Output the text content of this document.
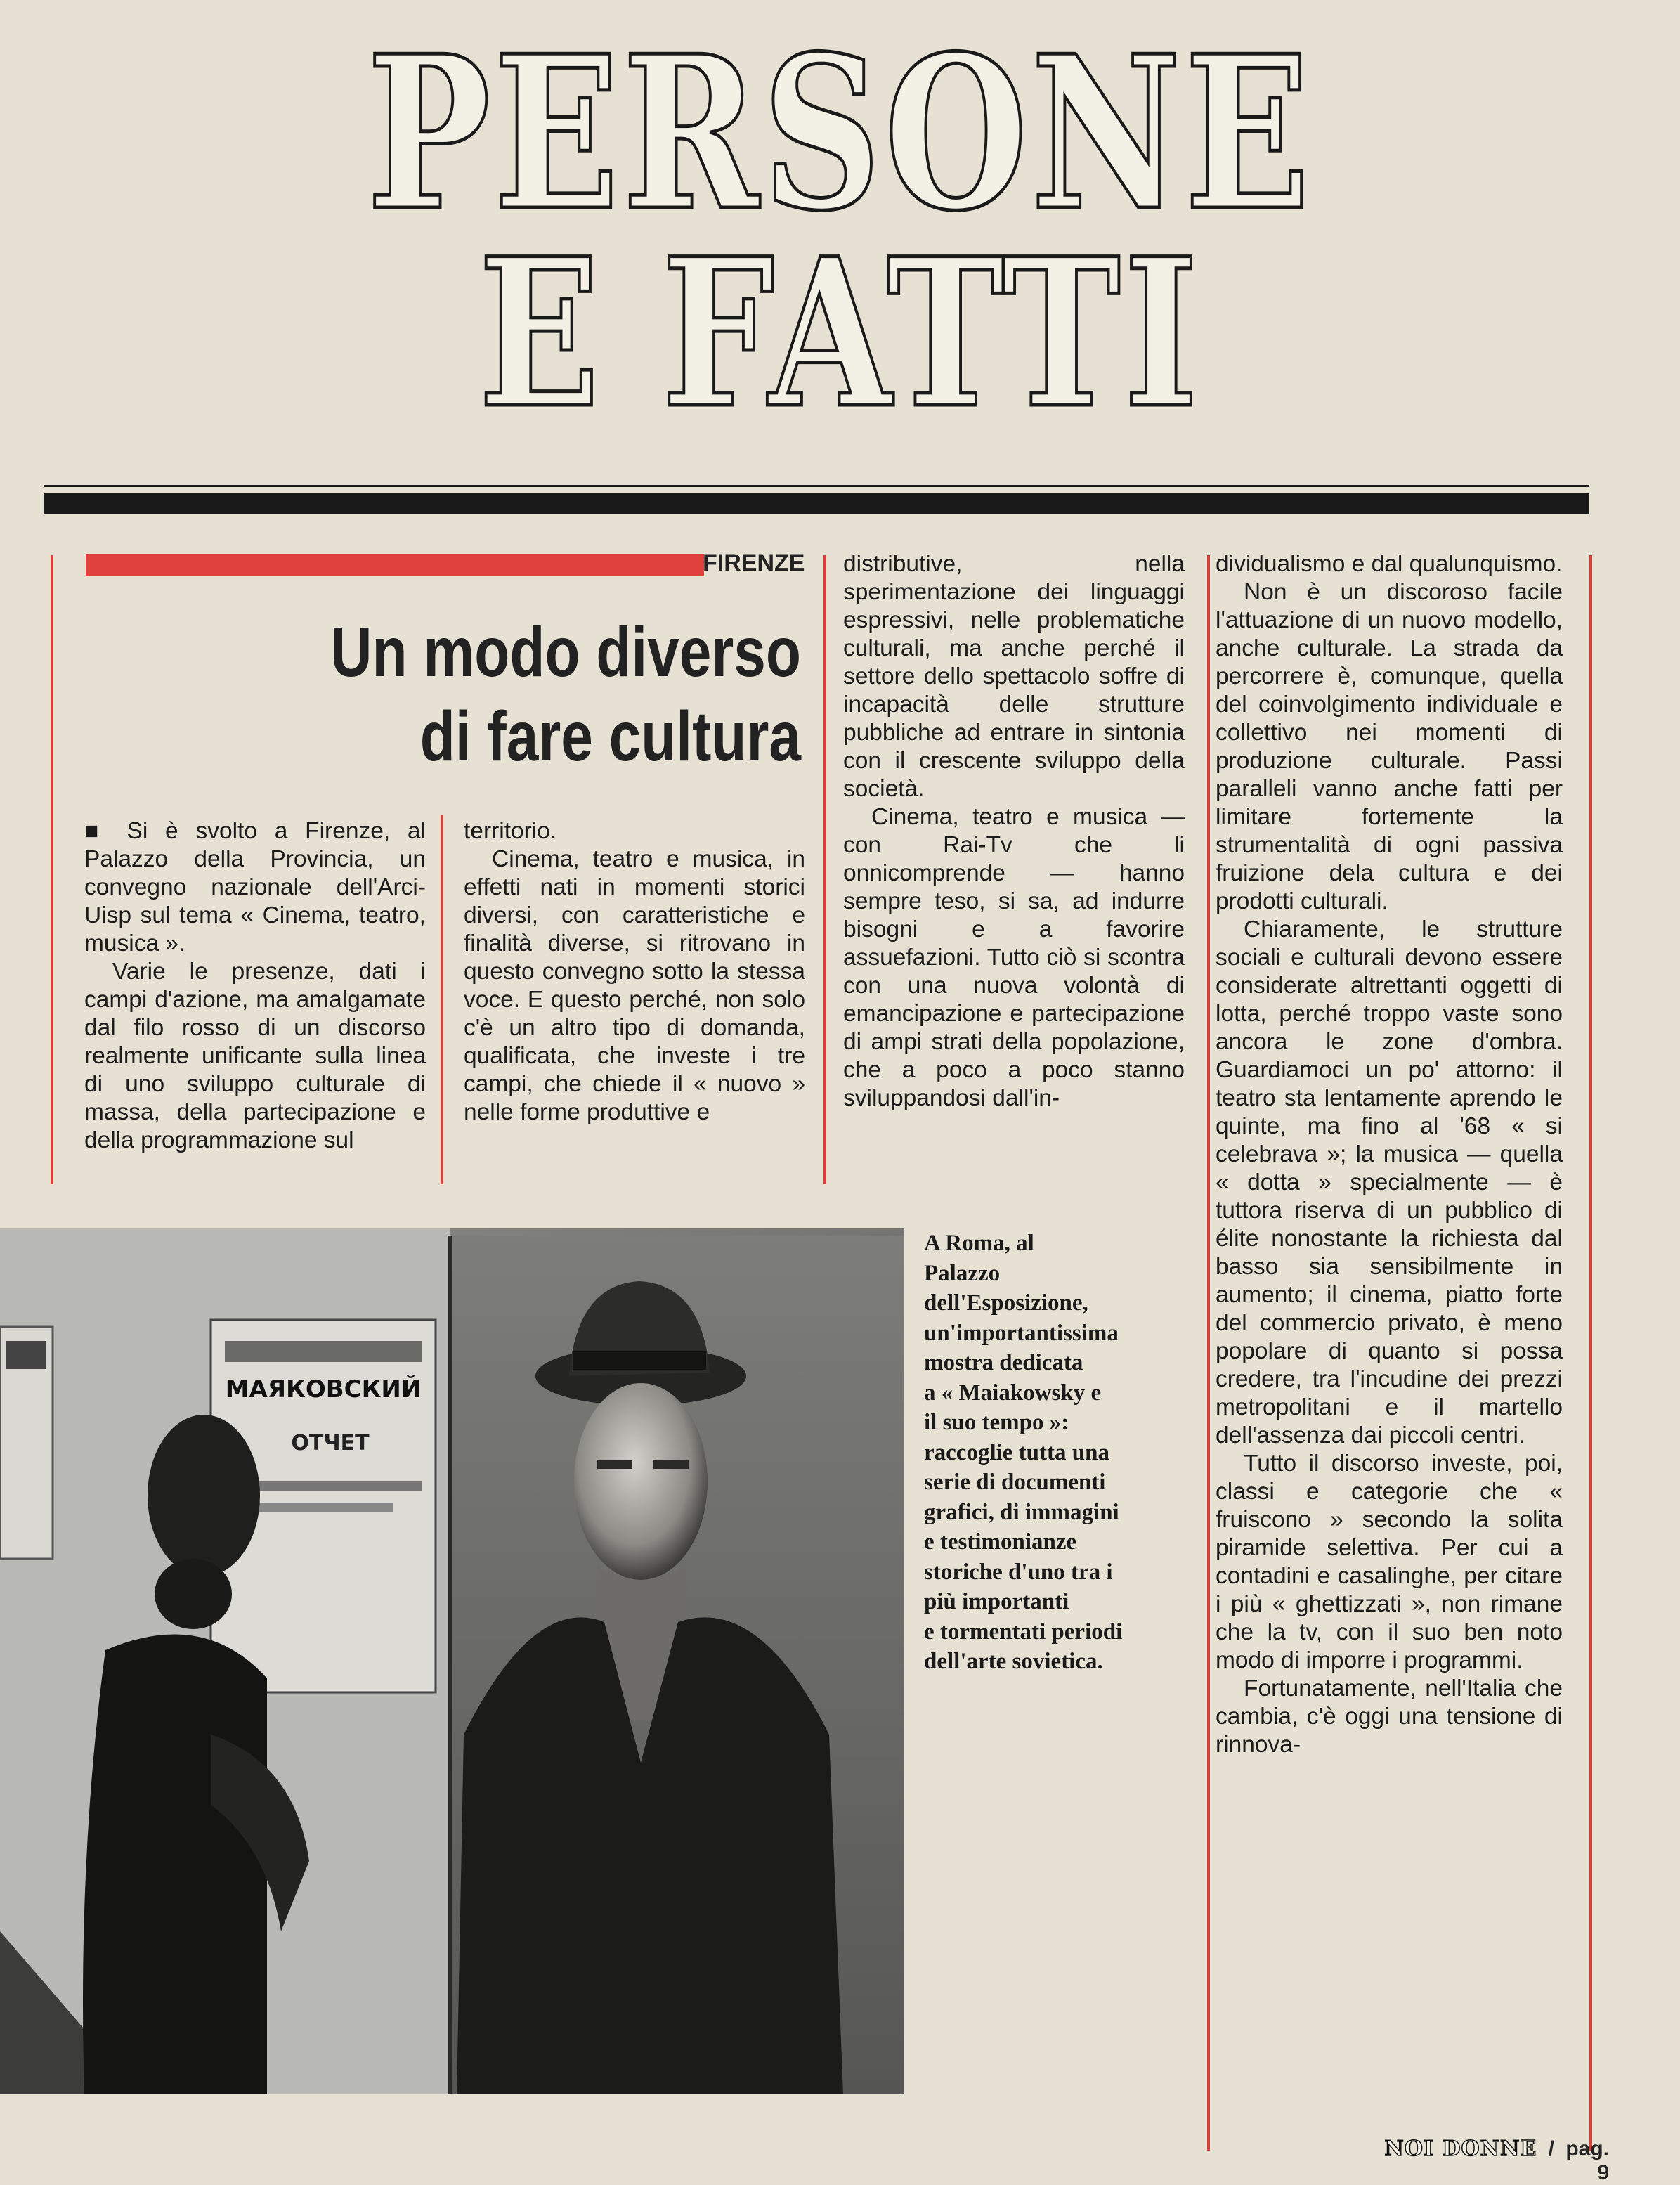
PERSONE
E FATTI
FIRENZE
Un modo diverso
di fare cultura

■ Si è svolto a Firenze, al Palazzo della Provincia, un convegno nazionale dell'Arci-Uisp sul tema « Cinema, teatro, musica ».

Varie le presenze, dati i campi d'azione, ma amalgamate dal filo rosso di un discorso realmente unificante sulla linea di uno sviluppo culturale di massa, della partecipazione e della programmazione sul

territorio.

Cinema, teatro e musica, in effetti nati in momenti storici diversi, con caratteristiche e finalità diverse, si ritrovano in questo convegno sotto la stessa voce. E questo perché, non solo c'è un altro tipo di domanda, qualificata, che investe i tre campi, che chiede il « nuovo » nelle forme produttive e

distributive, nella sperimentazione dei linguaggi espressivi, nelle problematiche culturali, ma anche perché il settore dello spettacolo soffre di incapacità delle strutture pubbliche ad entrare in sintonia con il crescente sviluppo della società.

Cinema, teatro e musica — con Rai-Tv che li onnicomprende — hanno sempre teso, si sa, ad indurre bisogni e a favorire assuefazioni. Tutto ciò si scontra con una nuova volontà di emancipazione e partecipazione di ampi strati della popolazione, che a poco a poco stanno sviluppandosi dall'in-

dividualismo e dal qualunquismo.

Non è un discoroso facile l'attuazione di un nuovo modello, anche culturale. La strada da percorrere è, comunque, quella del coinvolgimento individuale e collettivo nei momenti di produzione culturale. Passi paralleli vanno anche fatti per limitare fortemente la strumentalità di ogni passiva fruizione dela cultura e dei prodotti culturali.

Chiaramente, le strutture sociali e culturali devono essere considerate altrettanti oggetti di lotta, perché troppo vaste sono ancora le zone d'ombra. Guardiamoci un po' attorno: il teatro sta lentamente aprendo le quinte, ma fino al '68 « si celebrava »; la musica — quella « dotta » specialmente — è tuttora riserva di un pubblico di élite nonostante la richiesta dal basso sia sensibilmente in aumento; il cinema, piatto forte del commercio privato, è meno popolare di quanto si possa credere, tra l'incudine dei prezzi metropolitani e il martello dell'assenza dai piccoli centri.

Tutto il discorso investe, poi, classi e categorie che « fruiscono » secondo la solita piramide selettiva. Per cui a contadini e casalinghe, per citare i più « ghettizzati », non rimane che la tv, con il suo ben noto modo di imporre i programmi.

Fortunatamente, nell'Italia che cambia, c'è oggi una tensione di rinnova-

МАЯКОВСКИЙ
ОТЧЕТ
A Roma, al
Palazzo
dell'Esposizione,
un'importantissima
mostra dedicata
a « Maiakowsky e
il suo tempo »:
raccoglie tutta una
serie di documenti
grafici, di immagini
e testimonianze
storiche d'uno tra i
più importanti
e tormentati periodi
dell'arte sovietica.
NOI DONNE / pag. 9
